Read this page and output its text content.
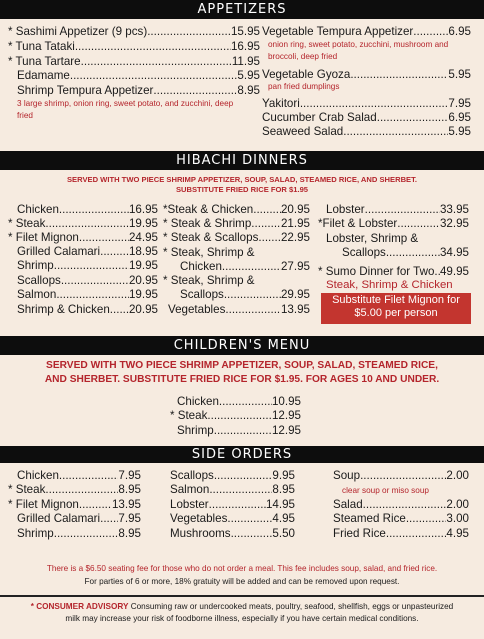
APPETIZERS
* Sashimi Appetizer (9 pcs) .....	15.95
* Tuna Tataki .....	16.95
* Tuna Tartare .....	11.95
Edamame .....	5.95
Shrimp Tempura Appetizer .....	8.95
3 large shrimp, onion ring, sweet potato, and zucchini, deep fried
Vegetable Tempura Appetizer .....	6.95
onion ring, sweet potato, zucchini, mushroom and broccoli, deep fried
Vegetable Gyoza .....	5.95
pan fried dumplings
Yakitori .....	7.95
Cucumber Crab Salad .....	6.95
Seaweed Salad .....	5.95
HIBACHI DINNERS
SERVED WITH TWO PIECE SHRIMP APPETIZER, SOUP, SALAD, STEAMED RICE, AND SHERBET.
SUBSTITUTE FRIED RICE FOR $1.95
Chicken .....	16.95
* Steak .....	19.95
* Filet Mignon .....	24.95
Grilled Calamari ..... 18.95
Shrimp .....	19.95
Scallops .....	20.95
Salmon .....	19.95
Shrimp & Chicken ..... 20.95
*Steak & Chicken ..... 20.95
* Steak & Shrimp .....	21.95
* Steak & Scallops ..... 22.95
* Steak, Shrimp &
Chicken .....	27.95
* Steak, Shrimp &
Scallops .....	29.95
Vegetables .....	13.95
Lobster .....	33.95
*Filet & Lobster .....	32.95
Lobster, Shrimp &
Scallops .....	34.95
* Sumo Dinner for Two ..... 49.95
Steak, Shrimp & Chicken
Substitute Filet Mignon for
$5.00 per person
CHILDREN'S MENU
SERVED WITH TWO PIECE SHRIMP APPETIZER, SOUP, SALAD, STEAMED RICE,
AND SHERBET. SUBSTITUTE FRIED RICE FOR $1.95. FOR AGES 10 AND UNDER.
Chicken .....	10.95
* Steak .....	12.95
Shrimp .....	12.95
SIDE ORDERS
Chicken .....	7.95
* Steak .....	8.95
* Filet Mignon .....	13.95
Grilled Calamari ..... 7.95
Shrimp .....	8.95
Scallops .....	9.95
Salmon .....	8.95
Lobster .....	14.95
Vegetables .....	4.95
Mushrooms .....	5.50
Soup .....	2.00
clear soup or miso soup
Salad .....	2.00
Steamed Rice .....	3.00
Fried Rice .....	4.95
There is a $6.50 seating fee for those who do not order a meal. This fee includes soup, salad, and fried rice.
For parties of 6 or more, 18% gratuity will be added and can be removed upon request.
* CONSUMER ADVISORY Consuming raw or undercooked meats, poultry, seafood, shellfish, eggs or unpasteurized
milk may increase your risk of foodborne illness, especially if you have certain medical conditions.
